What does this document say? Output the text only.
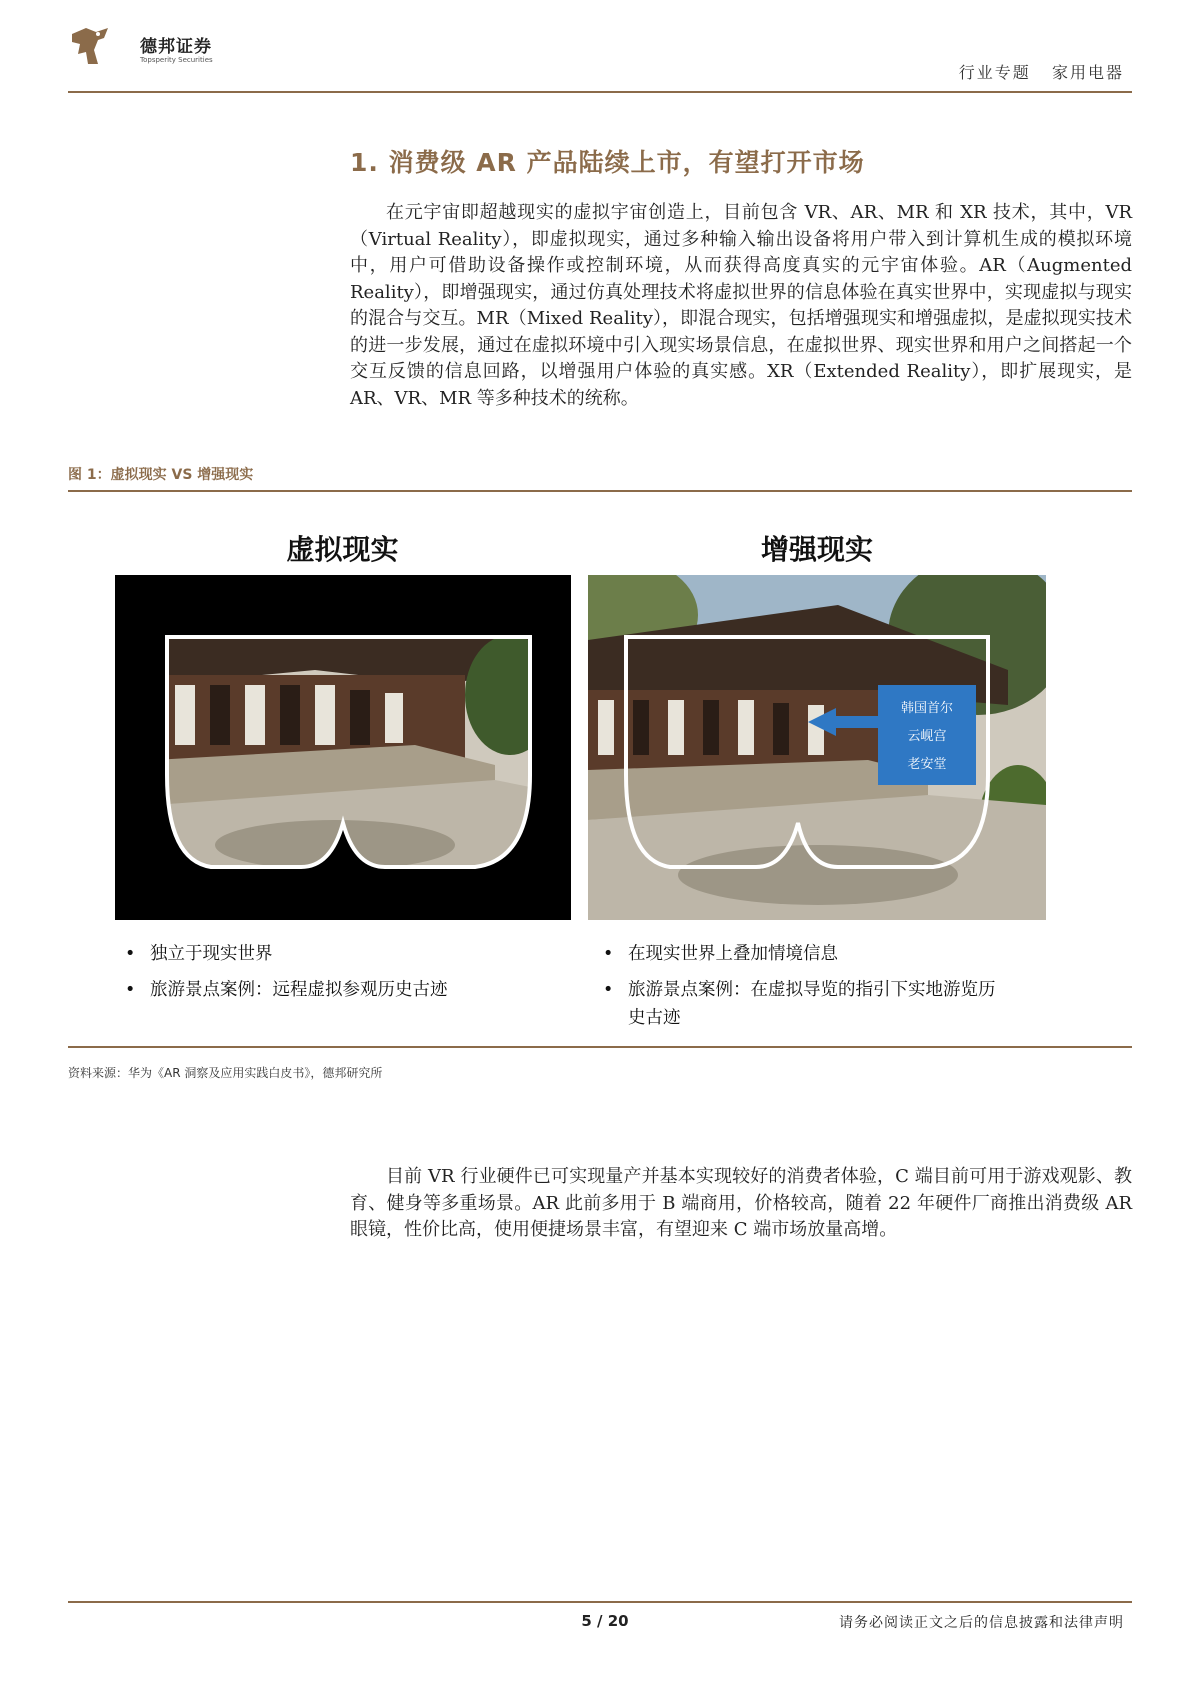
德邦证券
Topsperity Securities
行业专题   家用电器
1. 消费级 AR 产品陆续上市，有望打开市场
在元宇宙即超越现实的虚拟宇宙创造上，目前包含 VR、AR、MR 和 XR 技术，其中，VR（Virtual Reality），即虚拟现实，通过多种输入输出设备将用户带入到计算机生成的模拟环境中，用户可借助设备操作或控制环境，从而获得高度真实的元宇宙体验。AR（Augmented Reality），即增强现实，通过仿真处理技术将虚拟世界的信息体验在真实世界中，实现虚拟与现实的混合与交互。MR（Mixed Reality），即混合现实，包括增强现实和增强虚拟，是虚拟现实技术的进一步发展，通过在虚拟环境中引入现实场景信息，在虚拟世界、现实世界和用户之间搭起一个交互反馈的信息回路，以增强用户体验的真实感。XR（Extended Reality），即扩展现实，是 AR、VR、MR 等多种技术的统称。
图 1：虚拟现实 VS 增强现实
虚拟现实	增强现实
韩国首尔
云岘宫
老安堂
• 独立于现实世界
• 旅游景点案例：远程虚拟参观历史古迹
• 在现实世界上叠加情境信息
• 旅游景点案例：在虚拟导览的指引下实地游览历史古迹
资料来源：华为《AR 洞察及应用实践白皮书》，德邦研究所
目前 VR 行业硬件已可实现量产并基本实现较好的消费者体验，C 端目前可用于游戏观影、教育、健身等多重场景。AR 此前多用于 B 端商用，价格较高，随着 22 年硬件厂商推出消费级 AR 眼镜，性价比高，使用便捷场景丰富，有望迎来 C 端市场放量高增。
5 / 20	请务必阅读正文之后的信息披露和法律声明
